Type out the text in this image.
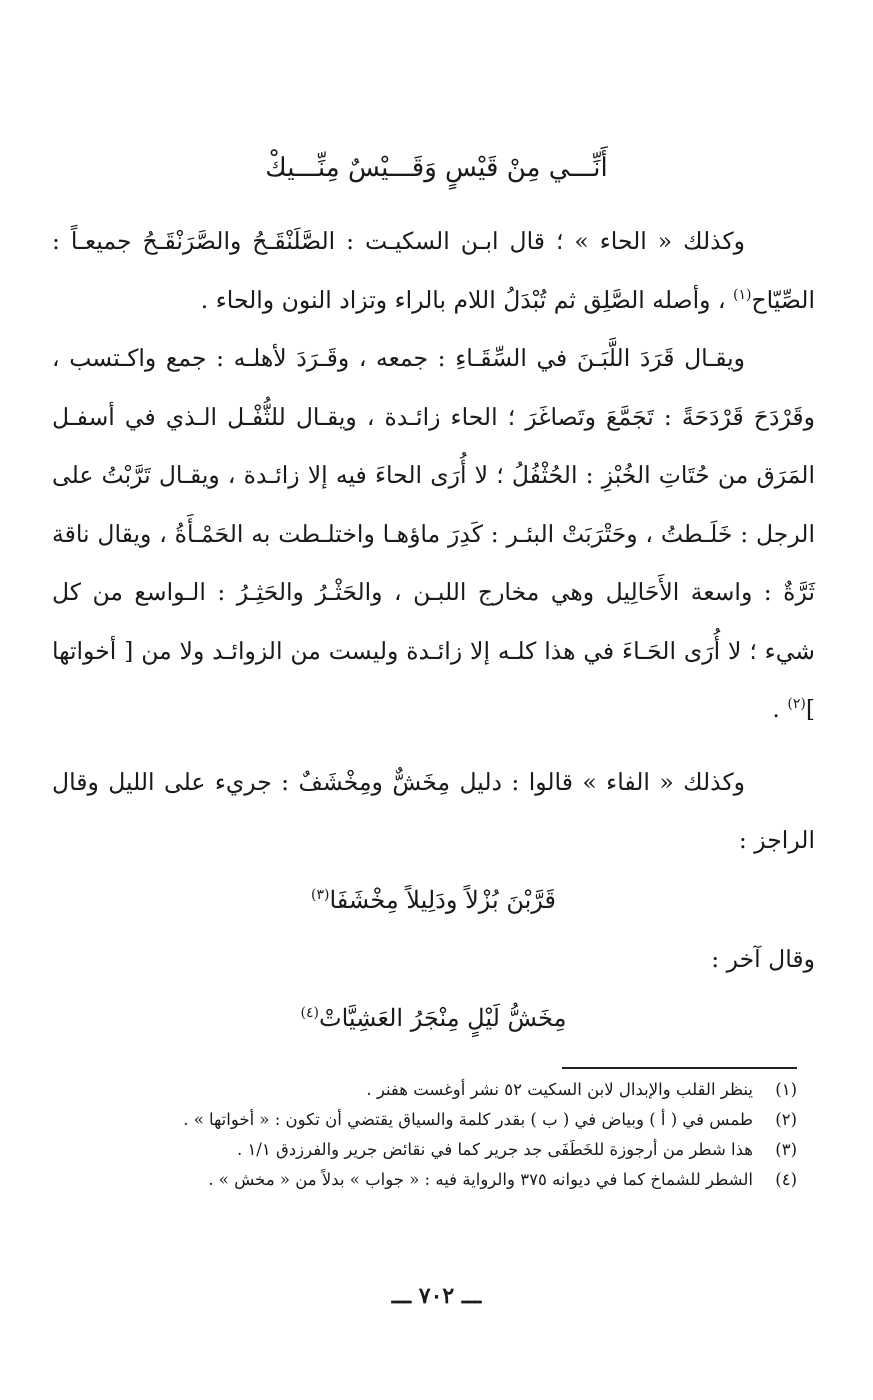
أَنِّـــي مِنْ قَيْسٍ وَقَـــيْسٌ مِنِّـــيكْ

وكذلك « الحاء » ؛ قال ابـن السكيـت : الصَّلَنْقَـحُ والصَّرَنْقَـحُ جميعـاً : الصِّيّاح$^{(١)}$ ، وأصله الصَّلِق ثم تُبْدَلُ اللام بالراء وتزاد النون والحاء .

ويقـال قَرَدَ اللَّبَـنَ في السِّقَـاءِ : جمعه ، وقَـرَدَ لأهلـه : جمع واكـتسب ، وقَرْدَحَ قَرْدَحَةً : تَجَمَّعَ وتَصاغَرَ ؛ الحاء زائـدة ، ويقـال للثُّفْـل الـذي في أسفـل المَرَق من حُتَاتِ الخُبْزِ : الحُثْفُلُ ؛ لا أُرَى الحاءَ فيه إلا زائـدة ، ويقـال تَرَّبْتُ على الرجل : خَلَـطتُ ، وحَتْرَبَتْ البئـر : كَدِرَ ماؤهـا واختلـطت به الحَمْـأَةُ ، ويقال ناقة ثَرَّةٌ : واسعة الأَحَالِيل وهي مخارج اللبـن ، والحَثْـرُ والحَثِـرُ : الـواسع من كل شيء ؛ لا أُرَى الحَـاءَ في هذا كلـه إلا زائـدة وليست من الزوائـد ولا من [ أخواتها ]$^{(٢)}$ .

وكذلك « الفاء » قالوا : دليل مِخَشٌّ ومِخْشَفٌ : جريء على الليل وقال الراجز :

قَرَّبْنَ بُزْلاً ودَلِيلاً مِخْشَفَا$^{(٣)}$

وقال آخر :

مِخَشُّ لَيْلٍ مِنْجَرُ العَشِيَّاتْ$^{(٤)}$

(١)
ينظر القلب والإبدال لابن السكيت ٥٢ نشر أوغست هفنر .
(٢)
طمس في ( أ ) وبياض في ( ب ) بقدر كلمة والسياق يقتضي أن تكون : « أخواتها » .
(٣)
هذا شطر من أرجوزة للخَطَفَى جد جرير كما في نقائض جرير والفرزدق ١/١ .
(٤)
الشطر للشماخ كما في ديوانه ٣٧٥ والرواية فيه : « جواب » بدلاً من « مخش » .
ـــ ٧٠٢ ـــ
